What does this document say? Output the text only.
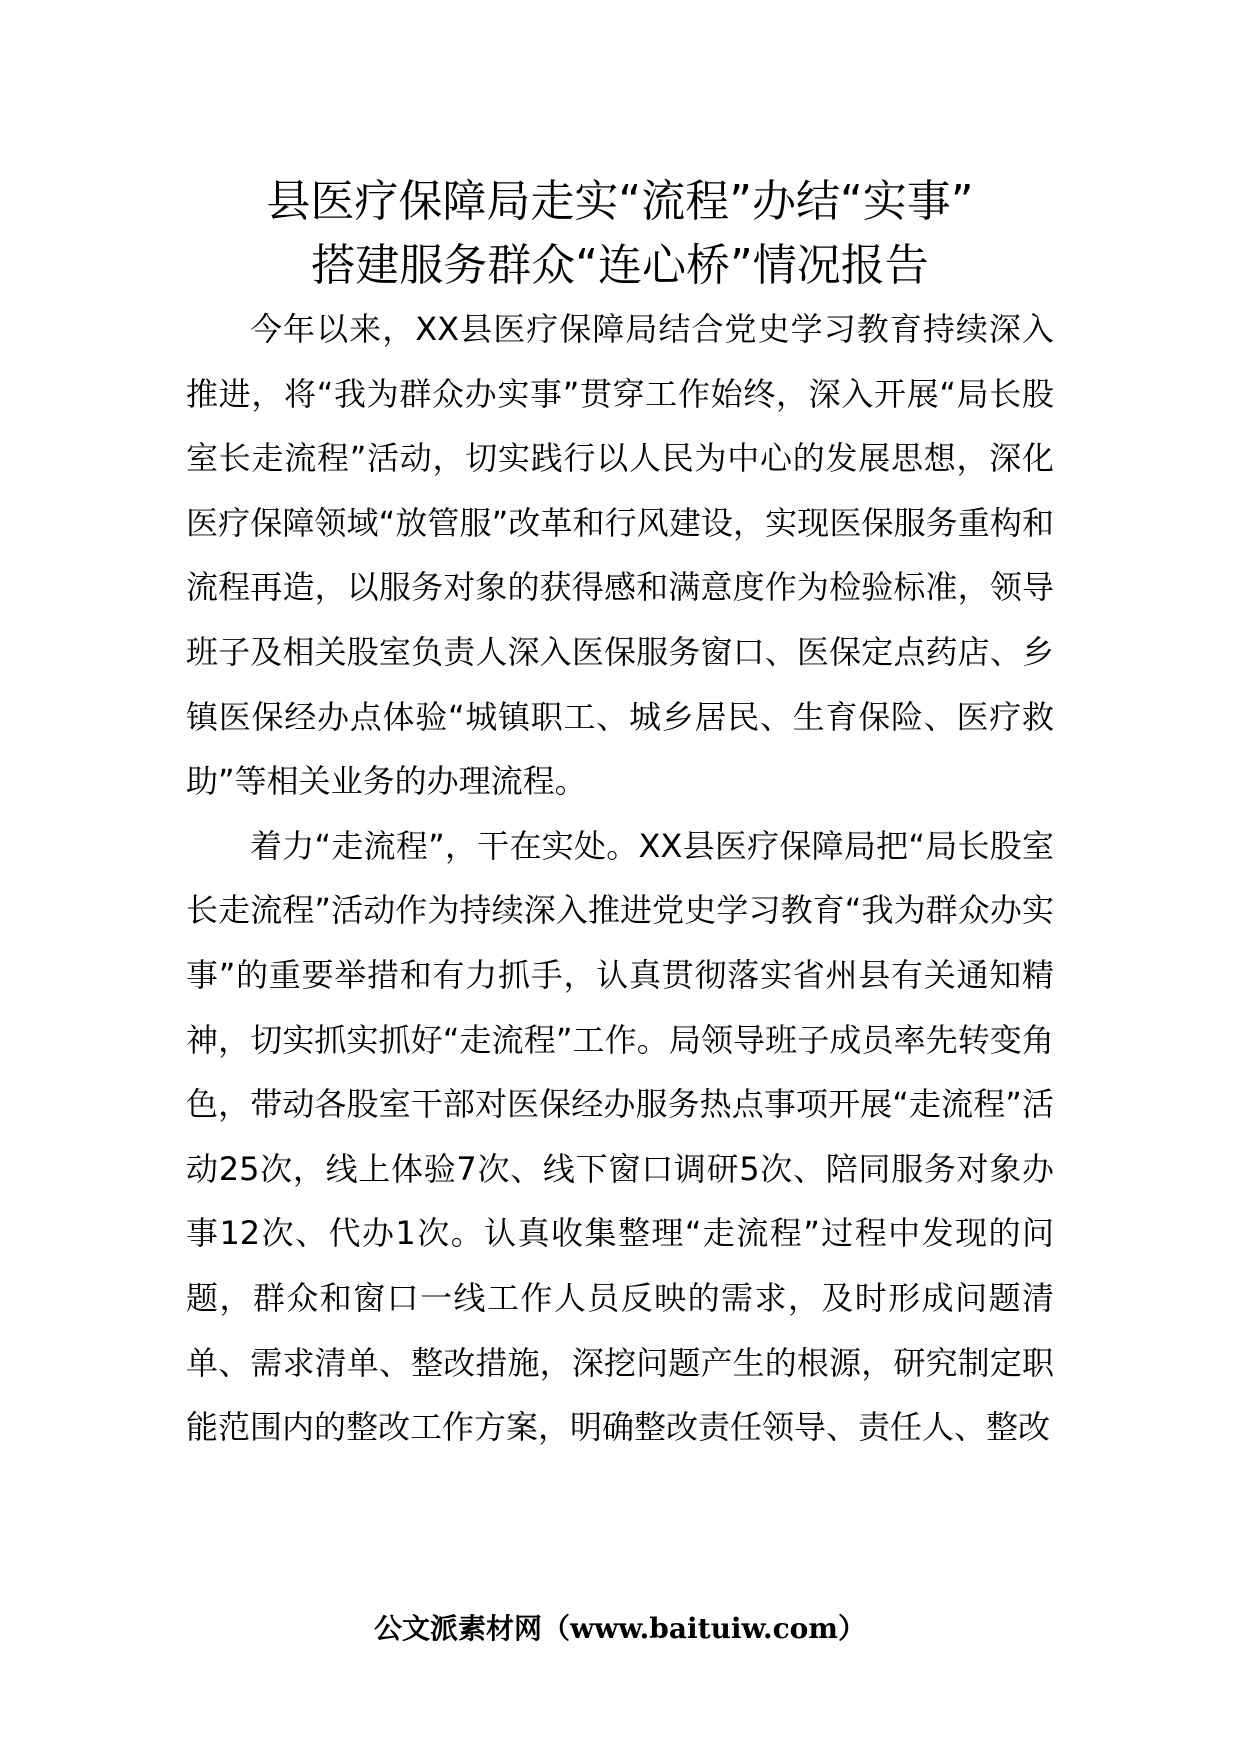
县医疗保障局走实“流程”办结“实事”
搭建服务群众“连心桥”情况报告

今年以来，XX县医疗保障局结合党史学习教育持续深入推进，将“我为群众办实事”贯穿工作始终，深入开展“局长股室长走流程”活动，切实践行以人民为中心的发展思想，深化医疗保障领域“放管服”改革和行风建设，实现医保服务重构和流程再造，以服务对象的获得感和满意度作为检验标准，领导班子及相关股室负责人深入医保服务窗口、医保定点药店、乡镇医保经办点体验“城镇职工、城乡居民、生育保险、医疗救助”等相关业务的办理流程。

着力“走流程”，干在实处。XX县医疗保障局把“局长股室长走流程”活动作为持续深入推进党史学习教育“我为群众办实事”的重要举措和有力抓手，认真贯彻落实省州县有关通知精神，切实抓实抓好“走流程”工作。局领导班子成员率先转变角色，带动各股室干部对医保经办服务热点事项开展“走流程”活动25次，线上体验7次、线下窗口调研5次、陪同服务对象办事12次、代办1次。认真收集整理“走流程”过程中发现的问题，群众和窗口一线工作人员反映的需求，及时形成问题清单、需求清单、整改措施，深挖问题产生的根源，研究制定职能范围内的整改工作方案，明确整改责任领导、责任人、整改

公文派素材网（www.baituiw.com）
